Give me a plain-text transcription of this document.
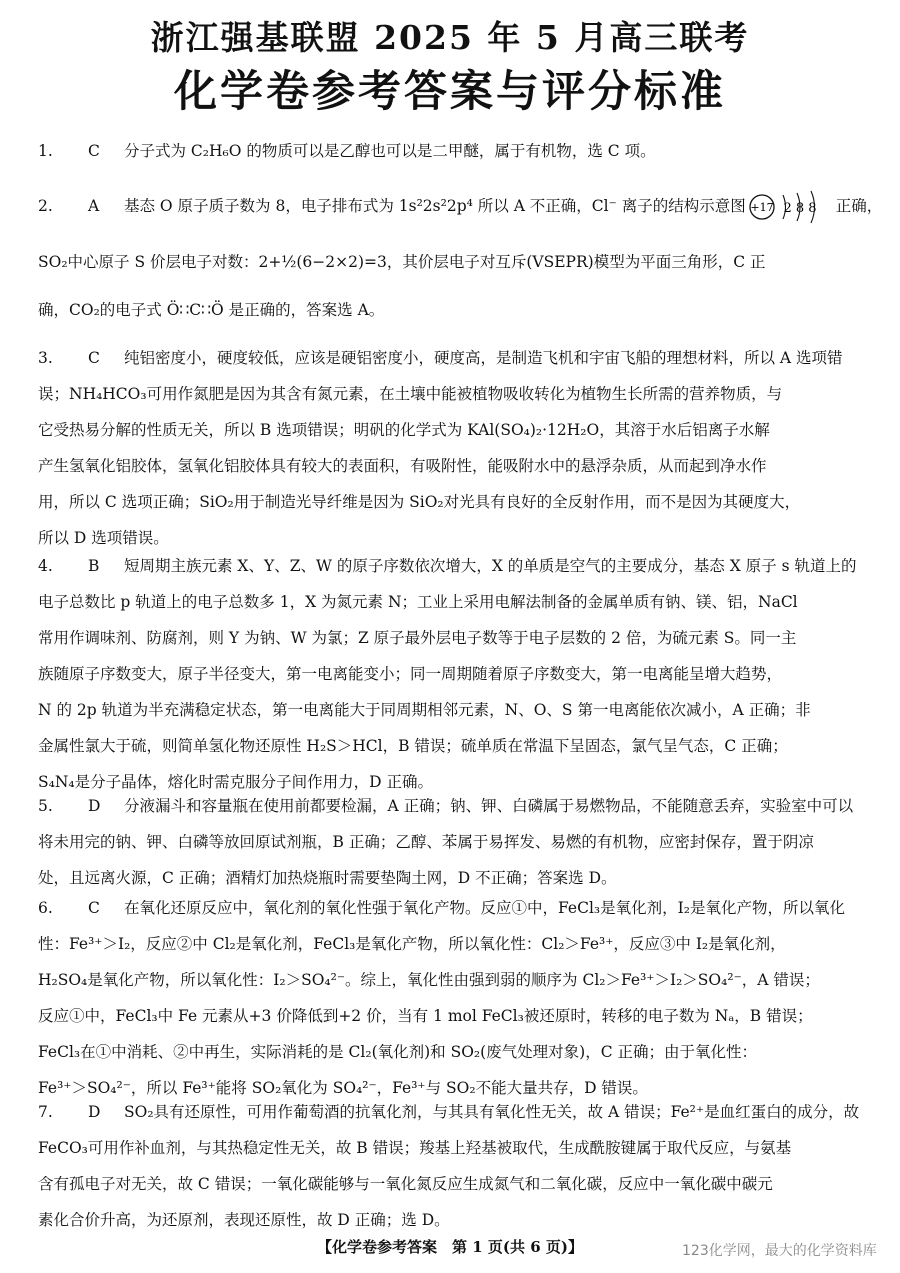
浙江强基联盟 2025 年 5 月高三联考
化学卷参考答案与评分标准
1. C 分子式为 C₂H₆O 的物质可以是乙醇也可以是二甲醚，属于有机物，选 C 项。
2. A 基态 O 原子质子数为 8，电子排布式为 1s²2s²2p⁴ 所以 A 不正确，Cl⁻ 离子的结构示意图 +17 2 8 8 正确，
SO₂中心原子 S 价层电子对数：2+½(6−2×2)=3，其价层电子对互斥(VSEPR)模型为平面三角形，C 正
确，CO₂的电子式 Ö∷C∷Ö 是正确的，答案选 A。
3. C 纯铝密度小，硬度较低，应该是硬铝密度小，硬度高，是制造飞机和宇宙飞船的理想材料，所以 A 选项错
误；NH₄HCO₃可用作氮肥是因为其含有氮元素，在土壤中能被植物吸收转化为植物生长所需的营养物质，与
它受热易分解的性质无关，所以 B 选项错误；明矾的化学式为 KAl(SO₄)₂·12H₂O，其溶于水后铝离子水解
产生氢氧化铝胶体，氢氧化铝胶体具有较大的表面积，有吸附性，能吸附水中的悬浮杂质，从而起到净水作
用，所以 C 选项正确；SiO₂用于制造光导纤维是因为 SiO₂对光具有良好的全反射作用，而不是因为其硬度大，
所以 D 选项错误。
4. B 短周期主族元素 X、Y、Z、W 的原子序数依次增大，X 的单质是空气的主要成分，基态 X 原子 s 轨道上的
电子总数比 p 轨道上的电子总数多 1，X 为氮元素 N；工业上采用电解法制备的金属单质有钠、镁、铝，NaCl
常用作调味剂、防腐剂，则 Y 为钠、W 为氯；Z 原子最外层电子数等于电子层数的 2 倍，为硫元素 S。同一主
族随原子序数变大，原子半径变大，第一电离能变小；同一周期随着原子序数变大，第一电离能呈增大趋势，
N 的 2p 轨道为半充满稳定状态，第一电离能大于同周期相邻元素，N、O、S 第一电离能依次减小，A 正确；非
金属性氯大于硫，则简单氢化物还原性 H₂S＞HCl，B 错误；硫单质在常温下呈固态，氯气呈气态，C 正确；
S₄N₄是分子晶体，熔化时需克服分子间作用力，D 正确。
5. D 分液漏斗和容量瓶在使用前都要检漏，A 正确；钠、钾、白磷属于易燃物品，不能随意丢弃，实验室中可以
将未用完的钠、钾、白磷等放回原试剂瓶，B 正确；乙醇、苯属于易挥发、易燃的有机物，应密封保存，置于阴凉
处，且远离火源，C 正确；酒精灯加热烧瓶时需要垫陶土网，D 不正确；答案选 D。
6. C 在氧化还原反应中，氧化剂的氧化性强于氧化产物。反应①中，FeCl₃是氧化剂，I₂是氧化产物，所以氧化
性：Fe³⁺＞I₂，反应②中 Cl₂是氧化剂，FeCl₃是氧化产物，所以氧化性：Cl₂＞Fe³⁺，反应③中 I₂是氧化剂，
H₂SO₄是氧化产物，所以氧化性：I₂＞SO₄²⁻。综上，氧化性由强到弱的顺序为 Cl₂＞Fe³⁺＞I₂＞SO₄²⁻，A 错误；
反应①中，FeCl₃中 Fe 元素从+3 价降低到+2 价，当有 1 mol FeCl₃被还原时，转移的电子数为 Nₐ，B 错误；
FeCl₃在①中消耗、②中再生，实际消耗的是 Cl₂(氧化剂)和 SO₂(废气处理对象)，C 正确；由于氧化性：
Fe³⁺＞SO₄²⁻，所以 Fe³⁺能将 SO₂氧化为 SO₄²⁻，Fe³⁺与 SO₂不能大量共存，D 错误。
7. D SO₂具有还原性，可用作葡萄酒的抗氧化剂，与其具有氧化性无关，故 A 错误；Fe²⁺是血红蛋白的成分，故
FeCO₃可用作补血剂，与其热稳定性无关，故 B 错误；羧基上羟基被取代，生成酰胺键属于取代反应，与氨基
含有孤电子对无关，故 C 错误；一氧化碳能够与一氧化氮反应生成氮气和二氧化碳，反应中一氧化碳中碳元
素化合价升高，为还原剂，表现还原性，故 D 正确；选 D。
【化学卷参考答案　第 1 页(共 6 页)】	123化学网，最大的化学资料库
